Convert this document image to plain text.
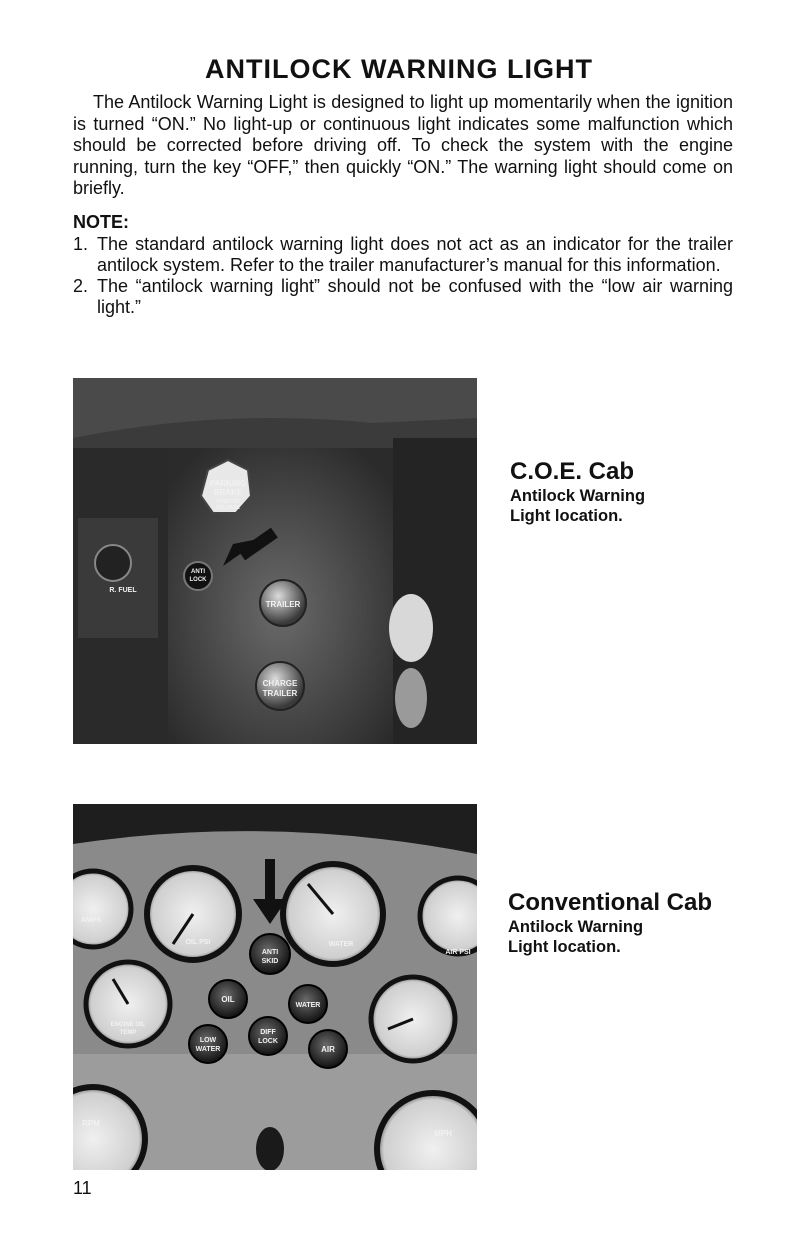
ANTILOCK WARNING LIGHT

The Antilock Warning Light is designed to light up momentarily when the ignition is turned “ON.” No light-up or continuous light indicates some malfunction which should be corrected before driving off. To check the system with the engine running, turn the key “OFF,” then quickly “ON.” The warning light should come on briefly.

NOTE:
1. The standard antilock warning light does not act as an indicator for the trailer antilock system. Refer to the trailer manufacturer’s manual for this information.
2. The “antilock warning light” should not be confused with the “low air warning light.”
PARKING
BRAKE
PUSH TO
RELEASE
ANTI
LOCK
TRAILER
CHARGE
TRAILER
R. FUEL
C.O.E. Cab
Antilock Warning
Light location.
AMPS
OIL PSI	WATER
AIR PSI
ANTI
SKID
OIL
WATER
ENGINE OIL
TEMP
LOW
WATER
DIFF
LOCK
AIR
RPM
MPH
Conventional Cab
Antilock Warning
Light location.
11
